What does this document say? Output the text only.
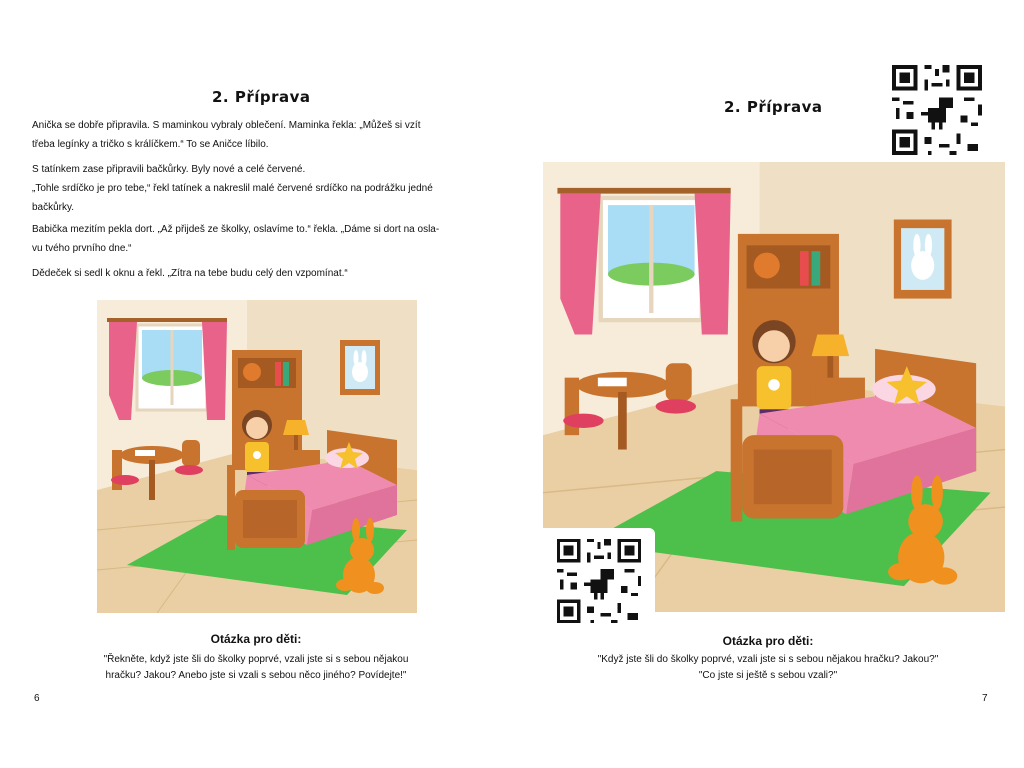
2. Příprava

Anička se dobře připravila. S maminkou vybraly oblečení. Maminka řekla: „Můžeš si vzít
třeba legínky a tričko s králíčkem.“ To se Aničce líbilo.

S tatínkem zase připravili bačkůrky. Byly nové a celé červené.
„Tohle srdíčko je pro tebe,“ řekl tatínek a nakreslil malé červené srdíčko na podrážku jedné
bačkůrky.

Babička mezitím pekla dort. „Až přijdeš ze školky, oslavíme to.“ řekla. „Dáme si dort na osla-
vu tvého prvního dne.“

Dědeček si sedl k oknu a řekl. „Zítra na tebe budu celý den vzpomínat.“

Otázka pro děti:
"Řekněte, když jste šli do školky poprvé, vzali jste si s sebou nějakou
hračku? Jakou? Anebo jste si vzali s sebou něco jiného? Povídejte!"
6
2. Příprava
Otázka pro děti:
"Když jste šli do školky poprvé, vzali jste si s sebou nějakou hračku? Jakou?"
"Co jste si ještě s sebou vzali?"
7
